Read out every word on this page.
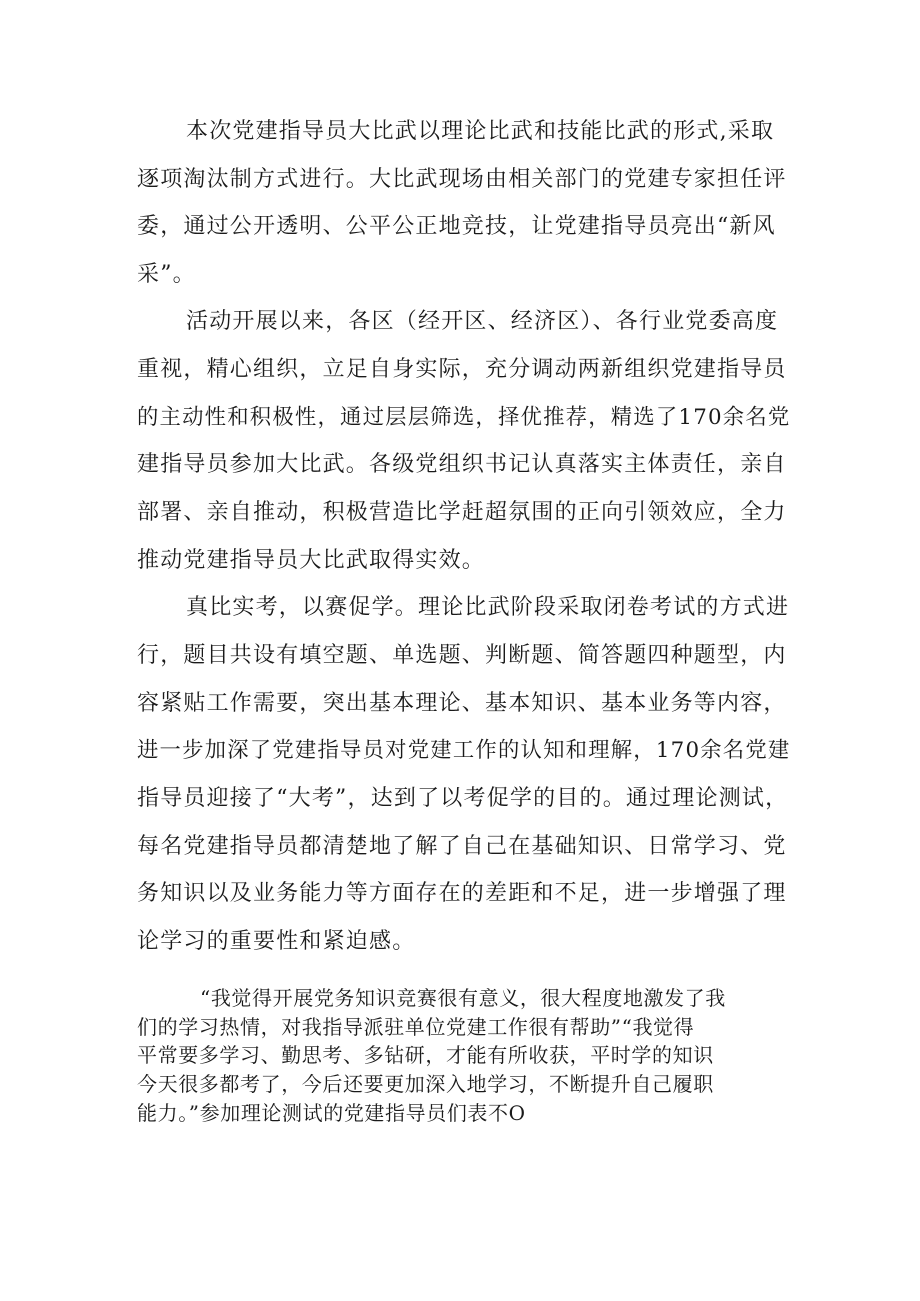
本次党建指导员大比武以理论比武和技能比武的形式,采取
逐项淘汰制方式进行。大比武现场由相关部门的党建专家担任评
委，通过公开透明、公平公正地竞技，让党建指导员亮出“新风
采”。
活动开展以来，各区（经开区、经济区）、各行业党委高度
重视，精心组织，立足自身实际，充分调动两新组织党建指导员
的主动性和积极性，通过层层筛选，择优推荐，精选了170余名党
建指导员参加大比武。各级党组织书记认真落实主体责任，亲自
部署、亲自推动，积极营造比学赶超氛围的正向引领效应，全力
推动党建指导员大比武取得实效。
真比实考，以赛促学。理论比武阶段采取闭卷考试的方式进
行，题目共设有填空题、单选题、判断题、简答题四种题型，内
容紧贴工作需要，突出基本理论、基本知识、基本业务等内容，
进一步加深了党建指导员对党建工作的认知和理解，170余名党建
指导员迎接了“大考”，达到了以考促学的目的。通过理论测试，
每名党建指导员都清楚地了解了自己在基础知识、日常学习、党
务知识以及业务能力等方面存在的差距和不足，进一步增强了理
论学习的重要性和紧迫感。
“我觉得开展党务知识竞赛很有意义，很大程度地激发了我
们的学习热情，对我指导派驻单位党建工作很有帮助”“我觉得
平常要多学习、勤思考、多钻研，才能有所收获，平时学的知识
今天很多都考了，今后还要更加深入地学习，不断提升自己履职
能力。”参加理论测试的党建指导员们表不O
